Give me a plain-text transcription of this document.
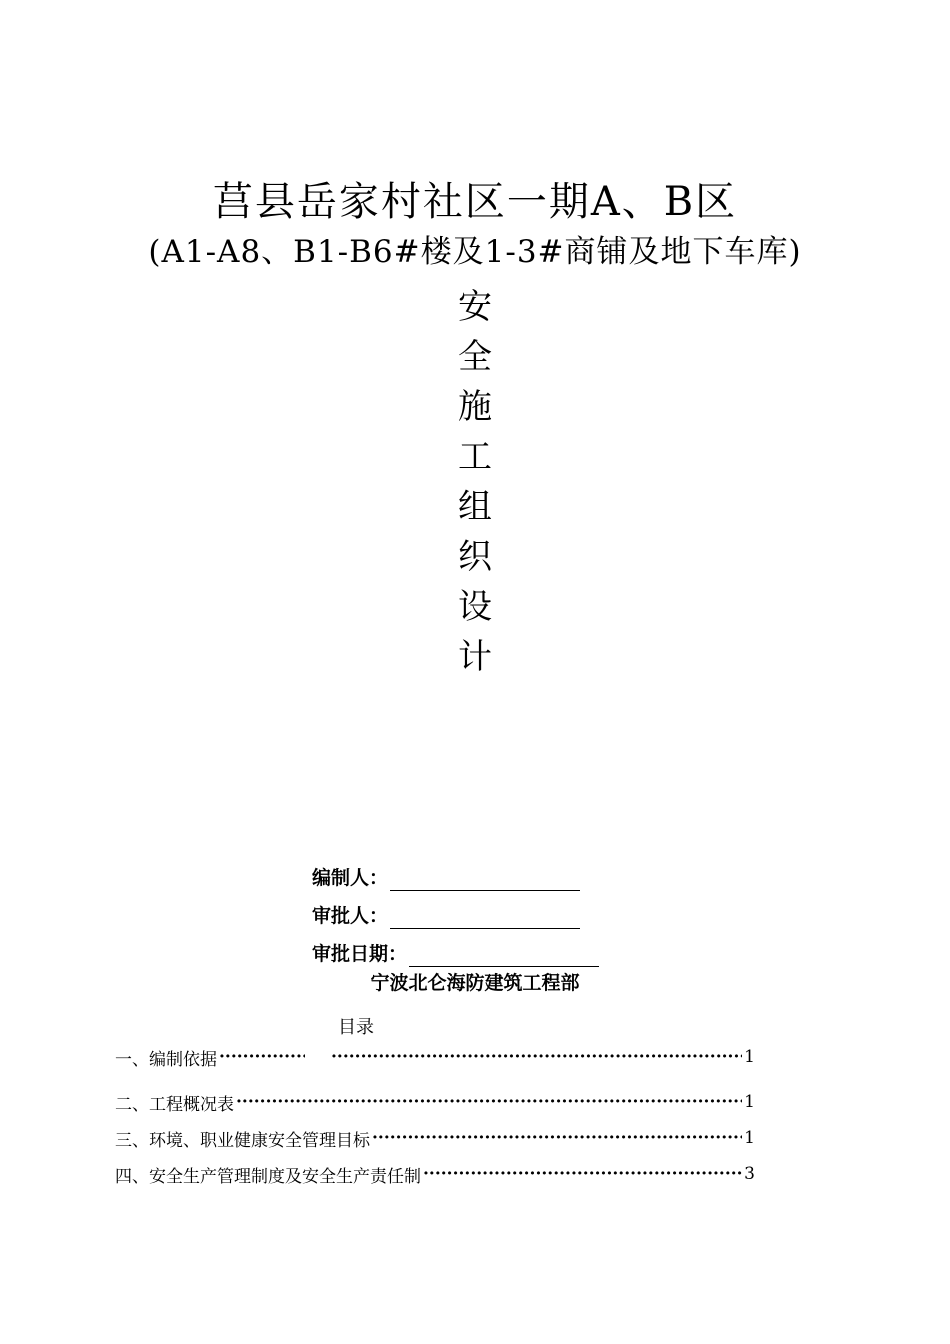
莒县岳家村社区一期A、B区
(A1-A8、B1-B6#楼及1-3#商铺及地下车库)
安
全
施
工
组
织
设
计
编制人：
审批人：
审批日期：
宁波北仑海防建筑工程部
目录
一、编制依据 ····· ·····	1
二、工程概况表 ·····	1
三、环境、职业健康安全管理目标 ·····	1
四、安全生产管理制度及安全生产责任制 ·····	3
